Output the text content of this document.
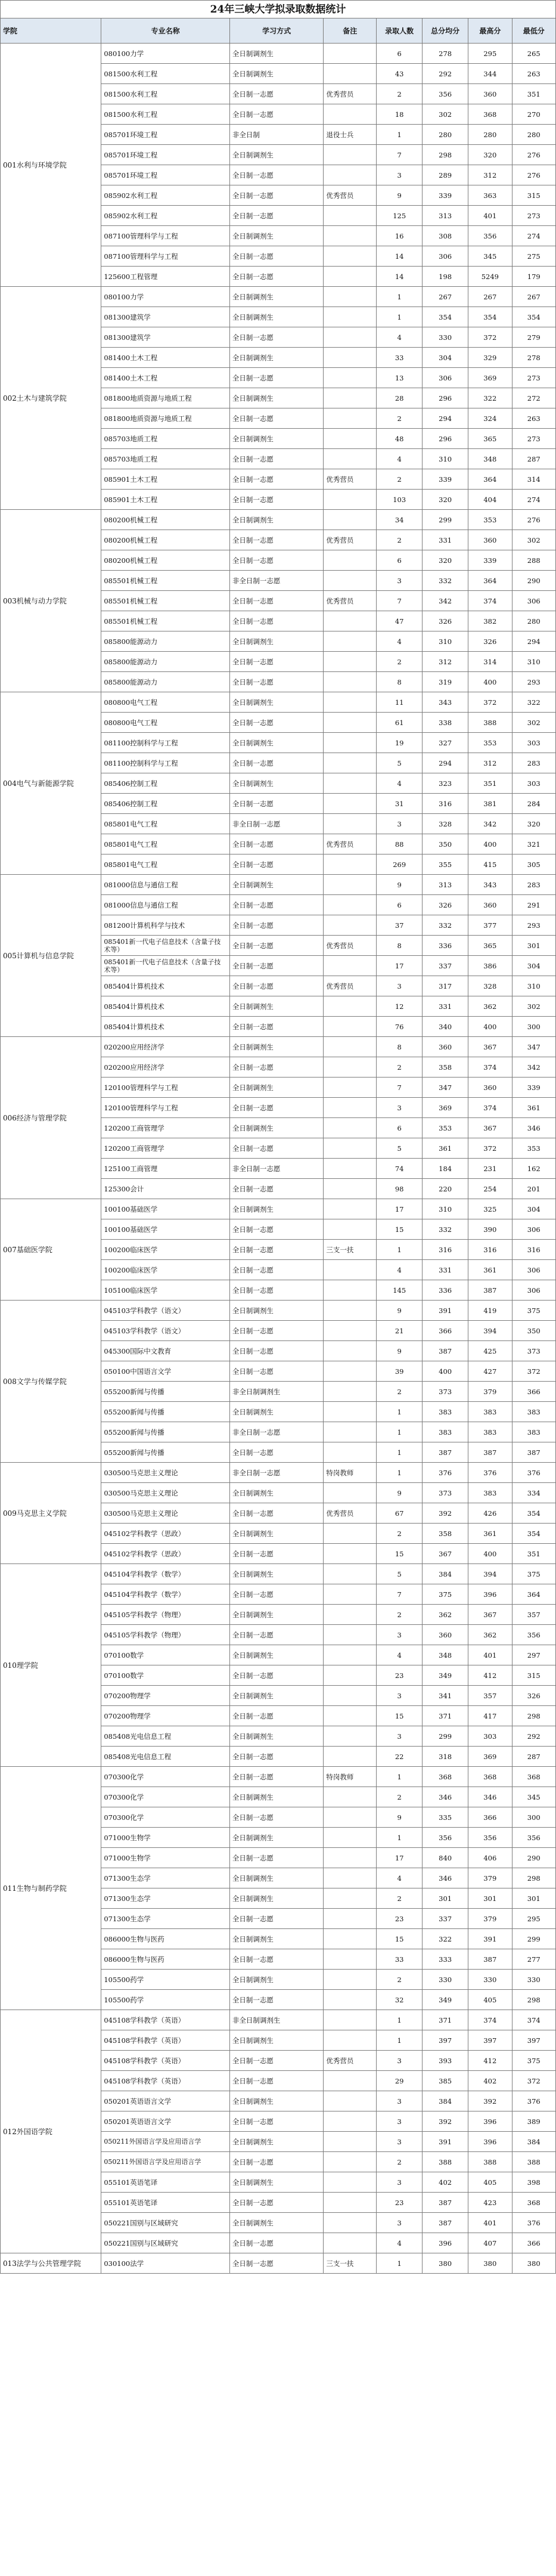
24年三峡大学拟录取数据统计
学院	专业名称	学习方式	备注	录取人数	总分均分	最高分	最低分
001水利与环境学院	080100力学	全日制调剂生		6	278	295	265
	081500水利工程	全日制调剂生		43	292	344	263
	081500水利工程	全日制一志愿	优秀营员	2	356	360	351
	081500水利工程	全日制一志愿		18	302	368	270
	085701环境工程	非全日制	退役士兵	1	280	280	280
	085701环境工程	全日制调剂生		7	298	320	276
	085701环境工程	全日制一志愿		3	289	312	276
	085902水利工程	全日制一志愿	优秀营员	9	339	363	315
	085902水利工程	全日制一志愿		125	313	401	273
	087100管理科学与工程	全日制调剂生		16	308	356	274
	087100管理科学与工程	全日制一志愿		14	306	345	275
	125600工程管理	全日制一志愿		14	198	5249	179
002土木与建筑学院	080100力学	全日制调剂生		1	267	267	267
	081300建筑学	全日制调剂生		1	354	354	354
	081300建筑学	全日制一志愿		4	330	372	279
	081400土木工程	全日制调剂生		33	304	329	278
	081400土木工程	全日制一志愿		13	306	369	273
	081800地质资源与地质工程	全日制调剂生		28	296	322	272
	081800地质资源与地质工程	全日制一志愿		2	294	324	263
	085703地质工程	全日制调剂生		48	296	365	273
	085703地质工程	全日制一志愿		4	310	348	287
	085901土木工程	全日制一志愿	优秀营员	2	339	364	314
	085901土木工程	全日制一志愿		103	320	404	274
003机械与动力学院	080200机械工程	全日制调剂生		34	299	353	276
	080200机械工程	全日制一志愿	优秀营员	2	331	360	302
	080200机械工程	全日制一志愿		6	320	339	288
	085501机械工程	非全日制一志愿		3	332	364	290
	085501机械工程	全日制一志愿	优秀营员	7	342	374	306
	085501机械工程	全日制一志愿		47	326	382	280
	085800能源动力	全日制调剂生		4	310	326	294
	085800能源动力	全日制一志愿		2	312	314	310
	085800能源动力	全日制一志愿		8	319	400	293
004电气与新能源学院	080800电气工程	全日制调剂生		11	343	372	322
	080800电气工程	全日制一志愿		61	338	388	302
	081100控制科学与工程	全日制调剂生		19	327	353	303
	081100控制科学与工程	全日制一志愿		5	294	312	283
	085406控制工程	全日制调剂生		4	323	351	303
	085406控制工程	全日制一志愿		31	316	381	284
	085801电气工程	非全日制一志愿		3	328	342	320
	085801电气工程	全日制一志愿	优秀营员	88	350	400	321
	085801电气工程	全日制一志愿		269	355	415	305
005计算机与信息学院	081000信息与通信工程	全日制调剂生		9	313	343	283
	081000信息与通信工程	全日制一志愿		6	326	360	291
	081200计算机科学与技术	全日制一志愿		37	332	377	293
	085401新一代电子信息技术（含量子技术等）	全日制一志愿	优秀营员	8	336	365	301
	085401新一代电子信息技术（含量子技术等）	全日制一志愿		17	337	386	304
	085404计算机技术	全日制一志愿	优秀营员	3	317	328	310
	085404计算机技术	全日制调剂生		12	331	362	302
	085404计算机技术	全日制一志愿		76	340	400	300
006经济与管理学院	020200应用经济学	全日制调剂生		8	360	367	347
	020200应用经济学	全日制一志愿		2	358	374	342
	120100管理科学与工程	全日制调剂生		7	347	360	339
	120100管理科学与工程	全日制一志愿		3	369	374	361
	120200工商管理学	全日制调剂生		6	353	367	346
	120200工商管理学	全日制一志愿		5	361	372	353
	125100工商管理	非全日制一志愿		74	184	231	162
	125300会计	全日制一志愿		98	220	254	201
007基础医学院	100100基础医学	全日制调剂生		17	310	325	304
	100100基础医学	全日制一志愿		15	332	390	306
	100200临床医学	全日制一志愿	三支一扶	1	316	316	316
	100200临床医学	全日制一志愿		4	331	361	306
	105100临床医学	全日制一志愿		145	336	387	306
008文学与传媒学院	045103学科教学（语文）	全日制调剂生		9	391	419	375
	045103学科教学（语文）	全日制一志愿		21	366	394	350
	045300国际中文教育	全日制一志愿		9	387	425	373
	050100中国语言文学	全日制一志愿		39	400	427	372
	055200新闻与传播	非全日制调剂生		2	373	379	366
	055200新闻与传播	全日制调剂生		1	383	383	383
	055200新闻与传播	非全日制一志愿		1	383	383	383
	055200新闻与传播	全日制一志愿		1	387	387	387
009马克思主义学院	030500马克思主义理论	非全日制一志愿	特岗教师	1	376	376	376
	030500马克思主义理论	全日制调剂生		9	373	383	334
	030500马克思主义理论	全日制一志愿	优秀营员	67	392	426	354
	045102学科教学（思政）	全日制调剂生		2	358	361	354
	045102学科教学（思政）	全日制一志愿		15	367	400	351
010理学院	045104学科教学（数学）	全日制调剂生		5	384	394	375
	045104学科教学（数学）	全日制一志愿		7	375	396	364
	045105学科教学（物理）	全日制调剂生		2	362	367	357
	045105学科教学（物理）	全日制一志愿		3	360	362	356
	070100数学	全日制调剂生		4	348	401	297
	070100数学	全日制一志愿		23	349	412	315
	070200物理学	全日制调剂生		3	341	357	326
	070200物理学	全日制一志愿		15	371	417	298
	085408光电信息工程	全日制调剂生		3	299	303	292
	085408光电信息工程	全日制一志愿		22	318	369	287
011生物与制药学院	070300化学	全日制一志愿	特岗教师	1	368	368	368
	070300化学	全日制调剂生		2	346	346	345
	070300化学	全日制一志愿		9	335	366	300
	071000生物学	全日制调剂生		1	356	356	356
	071000生物学	全日制一志愿		17	840	406	290
	071300生态学	全日制调剂生		4	346	379	298
	071300生态学	全日制调剂生		2	301	301	301
	071300生态学	全日制一志愿		23	337	379	295
	086000生物与医药	全日制调剂生		15	322	391	299
	086000生物与医药	全日制一志愿		33	333	387	277
	105500药学	全日制调剂生		2	330	330	330
	105500药学	全日制一志愿		32	349	405	298
012外国语学院	045108学科教学（英语）	非全日制调剂生		1	371	374	374
	045108学科教学（英语）	全日制调剂生		1	397	397	397
	045108学科教学（英语）	全日制一志愿	优秀营员	3	393	412	375
	045108学科教学（英语）	全日制一志愿		29	385	402	372
	050201英语语言文学	全日制调剂生		3	384	392	376
	050201英语语言文学	全日制一志愿		3	392	396	389
	050211外国语言学及应用语言学	全日制调剂生		3	391	396	384
	050211外国语言学及应用语言学	全日制一志愿		2	388	388	388
	055101英语笔译	全日制调剂生		3	402	405	398
	055101英语笔译	全日制一志愿		23	387	423	368
	050221国别与区域研究	全日制调剂生		3	387	401	376
	050221国别与区域研究	全日制一志愿		4	396	407	366
013法学与公共管理学院	030100法学	全日制一志愿	三支一扶	1	380	380	380
